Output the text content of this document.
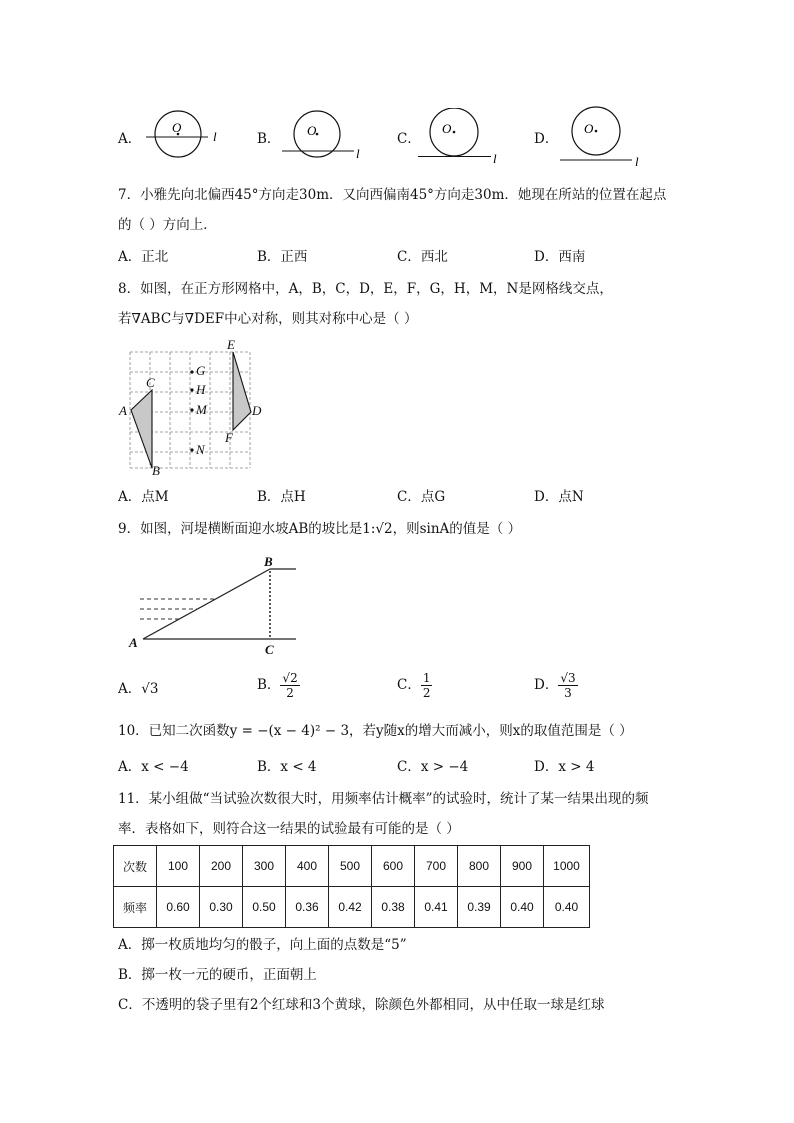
A．
O
l	B．
O
l
C．
O
l
D．
O
l
7．小雅先向北偏西45°方向走30m．又向西偏南45°方向走30m．她现在所站的位置在起点
的（ ）方向上．
A．正北	B．正西	C．西北	D．西南
8．如图，在正方形网格中，A，B，C，D，E，F，G，H，M，N是网格线交点，
若∇ABC与∇DEF中心对称，则其对称中心是（ ）
A
B
C
D
E
F
G
H
M
N
A．点M	B．点H	C．点G	D．点N
9．如图，河堤横断面迎水坡AB的坡比是1:√2，则sinA的值是（ ）
A
B
C
A．√3	B． $\frac{√2}{2}$	C． $\frac{1}{2}$	D． $\frac{√3}{3}$
10．已知二次函数y = −(x − 4)² − 3，若y随x的增大而减小，则x的取值范围是（ ）
A．x < −4	B．x < 4	C．x > −4	D．x > 4
11．某小组做“当试验次数很大时，用频率估计概率”的试验时，统计了某一结果出现的频
率．表格如下，则符合这一结果的试验最有可能的是（ ）
次数	100	200	300	400	500	600	700	800	900	1000
频率	0.60	0.30	0.50	0.36	0.42	0.38	0.41	0.39	0.40	0.40
A．掷一枚质地均匀的骰子，向上面的点数是“5”
B．掷一枚一元的硬币，正面朝上
C．不透明的袋子里有2个红球和3个黄球，除颜色外都相同，从中任取一球是红球
